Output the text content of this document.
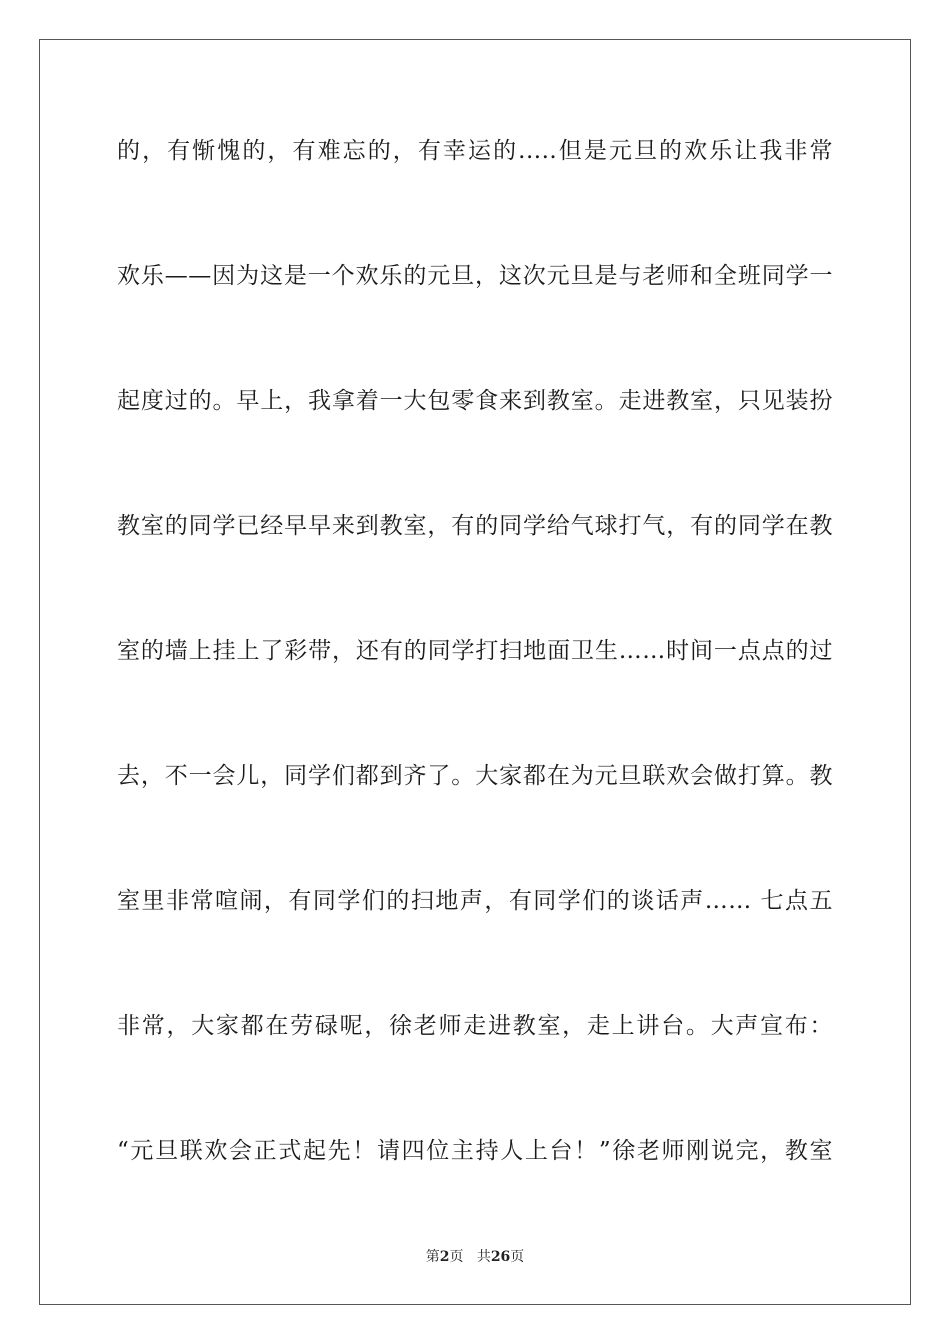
的，有惭愧的，有难忘的，有幸运的.....但是元旦的欢乐让我非常
欢乐——因为这是一个欢乐的元旦，这次元旦是与老师和全班同学一
起度过的。早上，我拿着一大包零食来到教室。走进教室，只见装扮
教室的同学已经早早来到教室，有的同学给气球打气，有的同学在教
室的墙上挂上了彩带，还有的同学打扫地面卫生……时间一点点的过
去，不一会儿，同学们都到齐了。大家都在为元旦联欢会做打算。教
室里非常喧闹，有同学们的扫地声，有同学们的谈话声…… 七点五
非常，大家都在劳碌呢，徐老师走进教室，走上讲台。大声宣布：
“元旦联欢会正式起先！请四位主持人上台！”徐老师刚说完，教室
第2页 共26页
